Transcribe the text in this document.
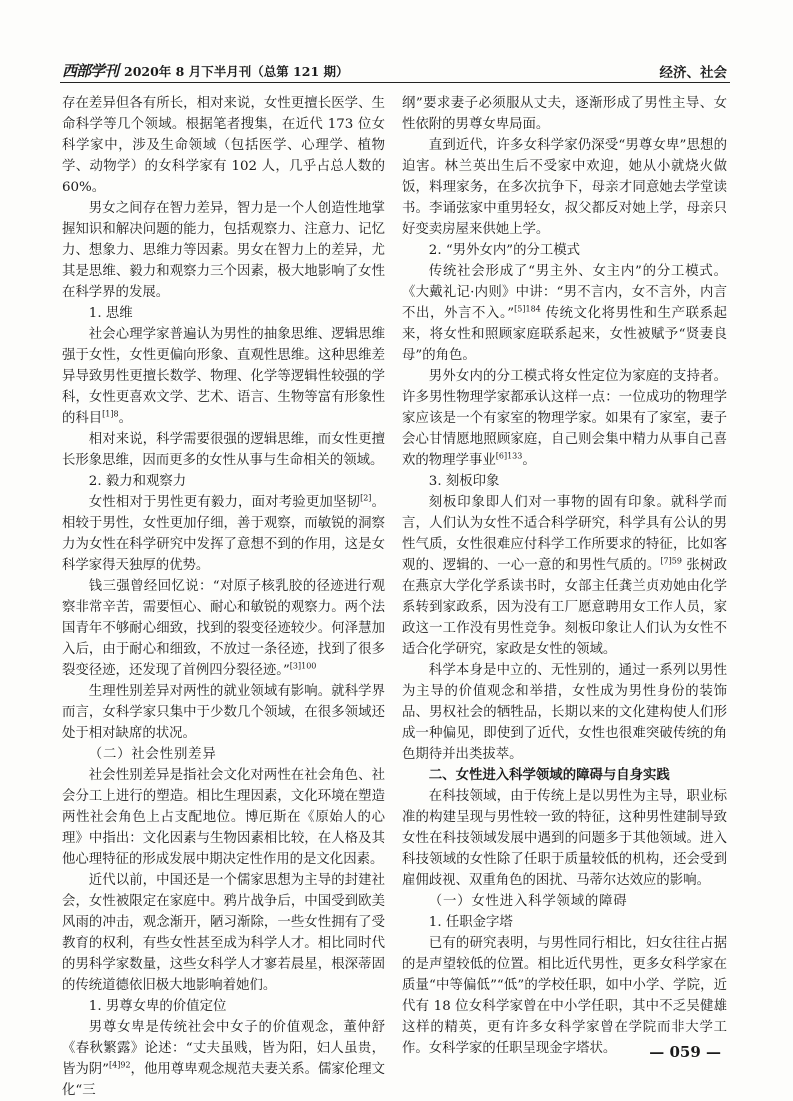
西部学刊 2020年 8 月下半月刊（总第 121 期）	经济、社会

存在差异但各有所长，相对来说，女性更擅长医学、生命科学等几个领域。根据笔者搜集，在近代 173 位女科学家中，涉及生命领域（包括医学、心理学、植物学、动物学）的女科学家有 102 人，几乎占总人数的 60%。

男女之间存在智力差异，智力是一个人创造性地掌握知识和解决问题的能力，包括观察力、注意力、记忆力、想象力、思维力等因素。男女在智力上的差异，尤其是思维、毅力和观察力三个因素，极大地影响了女性在科学界的发展。

1. 思维

社会心理学家普遍认为男性的抽象思维、逻辑思维强于女性，女性更偏向形象、直观性思维。这种思维差异导致男性更擅长数学、物理、化学等逻辑性较强的学科，女性更喜欢文学、艺术、语言、生物等富有形象性的科目$^{[1]8}$。

相对来说，科学需要很强的逻辑思维，而女性更擅长形象思维，因而更多的女性从事与生命相关的领域。

2. 毅力和观察力

女性相对于男性更有毅力，面对考验更加坚韧[2]。相较于男性，女性更加仔细，善于观察，而敏锐的洞察力为女性在科学研究中发挥了意想不到的作用，这是女科学家得天独厚的优势。

钱三强曾经回忆说：“对原子核乳胶的径迹进行观察非常辛苦，需要恒心、耐心和敏锐的观察力。两个法国青年不够耐心细致，找到的裂变径迹较少。何泽慧加入后，由于耐心和细致，不放过一条径迹，找到了很多裂变径迹，还发现了首例四分裂径迹。”$^{[3]100}$

生理性别差异对两性的就业领域有影响。就科学界而言，女科学家只集中于少数几个领域，在很多领域还处于相对缺席的状况。

（二）社会性别差异

社会性别差异是指社会文化对两性在社会角色、社会分工上进行的塑造。相比生理因素，文化环境在塑造两性社会角色上占支配地位。博厄斯在《原始人的心理》中指出：文化因素与生物因素相比较，在人格及其他心理特征的形成发展中期决定性作用的是文化因素。

近代以前，中国还是一个儒家思想为主导的封建社会，女性被限定在家庭中。鸦片战争后，中国受到欧美风雨的冲击，观念渐开，陋习渐除，一些女性拥有了受教育的权利，有些女性甚至成为科学人才。相比同时代的男科学家数量，这些女科学人才寥若晨星，根深蒂固的传统道德依旧极大地影响着她们。

1. 男尊女卑的价值定位

男尊女卑是传统社会中女子的价值观念，董仲舒《春秋繁露》论述：“丈夫虽贱，皆为阳，妇人虽贵，皆为阴”$^{[4]92}$，他用尊卑观念规范夫妻关系。儒家伦理文化“三

纲”要求妻子必须服从丈夫，逐渐形成了男性主导、女性依附的男尊女卑局面。

直到近代，许多女科学家仍深受“男尊女卑”思想的迫害。林兰英出生后不受家中欢迎，她从小就烧火做饭，料理家务，在多次抗争下，母亲才同意她去学堂读书。李诵弦家中重男轻女，叔父都反对她上学，母亲只好变卖房屋来供她上学。

2. “男外女内”的分工模式

传统社会形成了“男主外、女主内”的分工模式。《大戴礼记·内则》中讲：“男不言内，女不言外，内言不出，外言不入。”$^{[5]184}$ 传统文化将男性和生产联系起来，将女性和照顾家庭联系起来，女性被赋予“贤妻良母”的角色。

男外女内的分工模式将女性定位为家庭的支持者。许多男性物理学家都承认这样一点：一位成功的物理学家应该是一个有家室的物理学家。如果有了家室，妻子会心甘情愿地照顾家庭，自己则会集中精力从事自己喜欢的物理学事业$^{[6]133}$。

3. 刻板印象

刻板印象即人们对一事物的固有印象。就科学而言，人们认为女性不适合科学研究，科学具有公认的男性气质，女性很难应付科学工作所要求的特征，比如客观的、逻辑的、一心一意的和男性气质的。$^{[7]59}$ 张树政在燕京大学化学系读书时，女部主任龚兰贞劝她由化学系转到家政系，因为没有工厂愿意聘用女工作人员，家政这一工作没有男性竞争。刻板印象让人们认为女性不适合化学研究，家政是女性的领域。

科学本身是中立的、无性别的，通过一系列以男性为主导的价值观念和举措，女性成为男性身份的装饰品、男权社会的牺牲品，长期以来的文化建构使人们形成一种偏见，即使到了近代，女性也很难突破传统的角色期待并出类拔萃。

二、女性进入科学领域的障碍与自身实践

在科技领域，由于传统上是以男性为主导，职业标准的构建呈现与男性较一致的特征，这种男性建制导致女性在科技领域发展中遇到的问题多于其他领域。进入科技领域的女性除了任职于质量较低的机构，还会受到雇佣歧视、双重角色的困扰、马蒂尔达效应的影响。

（一）女性进入科学领域的障碍

1. 任职金字塔

已有的研究表明，与男性同行相比，妇女往往占据的是声望较低的位置。相比近代男性，更多女科学家在质量“中等偏低”“低”的学校任职，如中小学、学院，近代有 18 位女科学家曾在中小学任职，其中不乏吴健雄这样的精英，更有许多女科学家曾在学院而非大学工作。女科学家的任职呈现金字塔状。	— 059 —
